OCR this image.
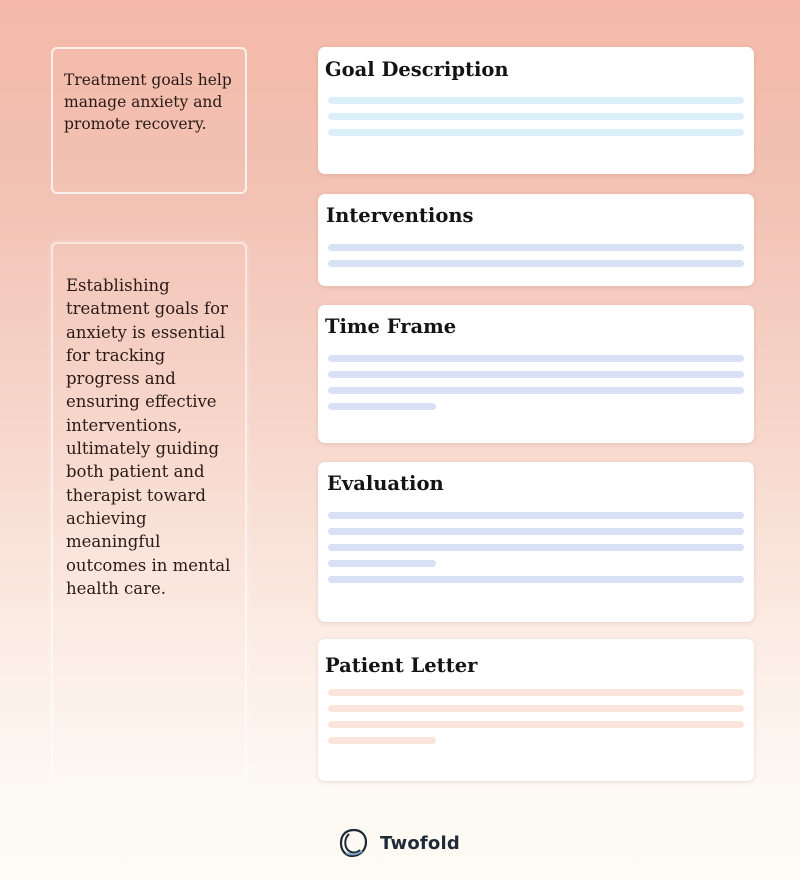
Treatment goals help manage anxiety and promote recovery.
Establishing treatment goals for anxiety is essential for tracking progress and ensuring effective interventions, ultimately guiding both patient and therapist toward achieving meaningful outcomes in mental health care.
Goal Description
Interventions
Time Frame
Evaluation
Patient Letter
Twofold
